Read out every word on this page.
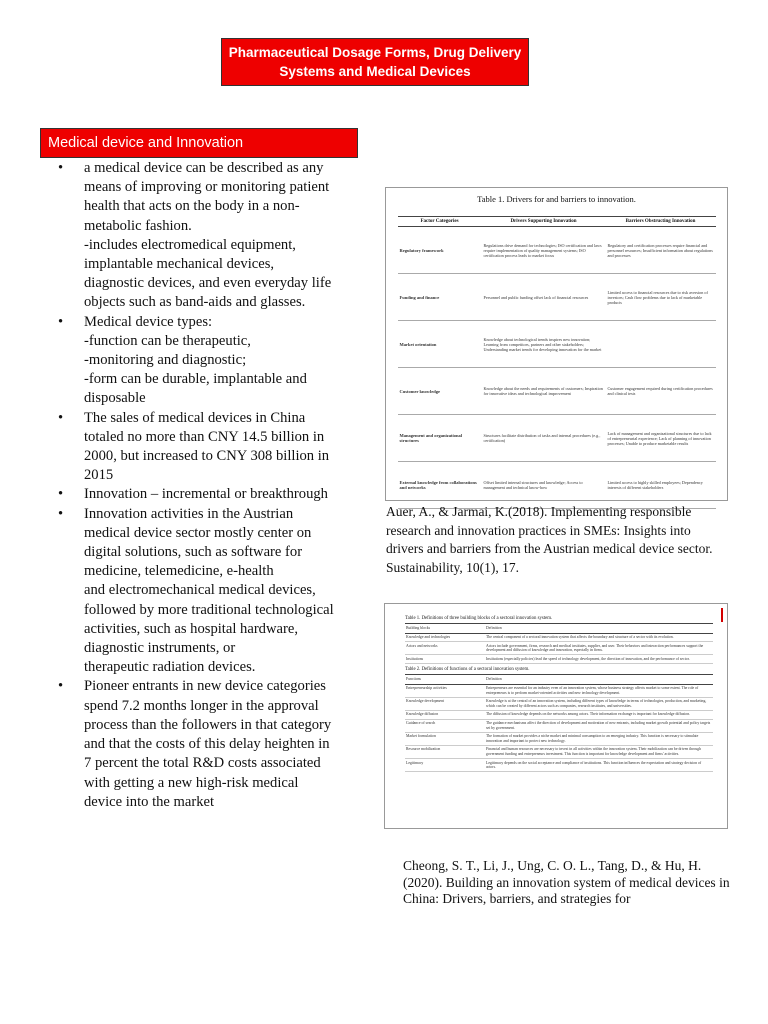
Pharmaceutical Dosage Forms, Drug Delivery Systems and Medical Devices
Medical device and Innovation
• a medical device can be described as any
means of improving or monitoring patient
health that acts on the body in a non-
metabolic fashion.
-includes electromedical equipment,
implantable mechanical devices,
diagnostic devices, and even everyday life
objects such as band-aids and glasses.
• Medical device types:
-function can be therapeutic,
-monitoring and diagnostic;
-form can be durable, implantable and
disposable
• The sales of medical devices in China
totaled no more than CNY 14.5 billion in
2000, but increased to CNY 308 billion in
2015
• Innovation – incremental or breakthrough
• Innovation activities in the Austrian
medical device sector mostly center on
digital solutions, such as software for
medicine, telemedicine, e-health
and electromechanical medical devices,
followed by more traditional technological
activities, such as hospital hardware,
diagnostic instruments, or
therapeutic radiation devices.
• Pioneer entrants in new device categories
spend 7.2 months longer in the approval
process than the followers in that category
and that the costs of this delay heighten in
7 percent the total R&D costs associated
with getting a new high-risk medical
device into the market
Table 1. Drivers for and barriers to innovation.
Factor Categories	Drivers Supporting Innovation	Barriers Obstructing Innovation
Regulatory framework	Regulations drive demand for technologies; ISO certification and laws require implementation of quality management systems; ISO certification process leads to market focus	Regulatory and certification processes require financial and personnel resources; Insufficient information about regulations and processes
Funding and finance	Personnel and public funding offset lack of financial resources	Limited access to financial resources due to risk aversion of investors; Cash flow problems due to lack of marketable products
Market orientation	Knowledge about technological trends inspires new innovation; Learning from competitors, partners and other stakeholders; Understanding market trends for developing innovation for the market	
Customer knowledge	Knowledge about the needs and requirements of customers; Inspiration for innovative ideas and technological improvement	Customer engagement required during certification procedures and clinical tests
Management and organizational structures	Structures facilitate distribution of tasks and internal procedures (e.g., certification)	Lack of management and organizational structures due to lack of entrepreneurial experience; Lack of planning of innovation processes; Unable to produce marketable results
External knowledge from collaborations and networks	Offset limited internal structures and knowledge; Access to management and technical know-how	Limited access to highly skilled employees; Dependency interests of different stakeholders
Auer, A., & Jarmai, K.(2018). Implementing responsible research and innovation practices in SMEs: Insights into drivers and barriers from the Austrian medical device sector. Sustainability, 10(1), 17.
Table 1. Definitions of three building blocks of a sectoral innovation system.
Building blocks	Definition
Knowledge and technologies	The central component of a sectoral innovation system that affects the boundary and structure of a sector with its evolution.
Actors and networks	Actors include government, firms, research and medical institutes, supplier, and user. Their behaviors and interaction performances support the development and diffusion of knowledge and innovation, especially in firms.
Institutions	Institutions (especially policies) lead the speed of technology development, the direction of innovation, and the performance of sector.
Table 2. Definitions of functions of a sectoral innovation system.
Functions	Definition
Entrepreneurship activities	Entrepreneurs are essential for an industry even of an innovation system, whose business strategy affects market to some extent. The role of entrepreneurs is to perform market-oriented activities and new technology development.
Knowledge development	Knowledge is at the central of an innovation system, including different types of knowledge in terms of technologies, production, and marketing, which can be created by different actors such as companies, research institutes, and universities.
Knowledge diffusion	The diffusion of knowledge depends on the networks among actors. Their information exchange is important for knowledge diffusion.
Guidance of search	The guidance mechanisms affect the direction of development and motivation of new entrants, including market growth potential and policy targets set by government.
Market formulation	The formation of market provides a niche market and minimal consumption to an emerging industry. This function is necessary to stimulate innovation and important to protect new technology.
Resource mobilization	Financial and human resources are necessary to invest in all activities within the innovation system. Their mobilization can be driven through government funding and entrepreneurs investment. This function is important for knowledge development and firms' activities.
Legitimacy	Legitimacy depends on the social acceptance and compliance of institutions. This function influences the expectation and strategy decision of actors.
Cheong, S. T., Li, J., Ung, C. O. L., Tang, D., & Hu, H. (2020). Building an innovation system of medical devices in China: Drivers, barriers, and strategies for
